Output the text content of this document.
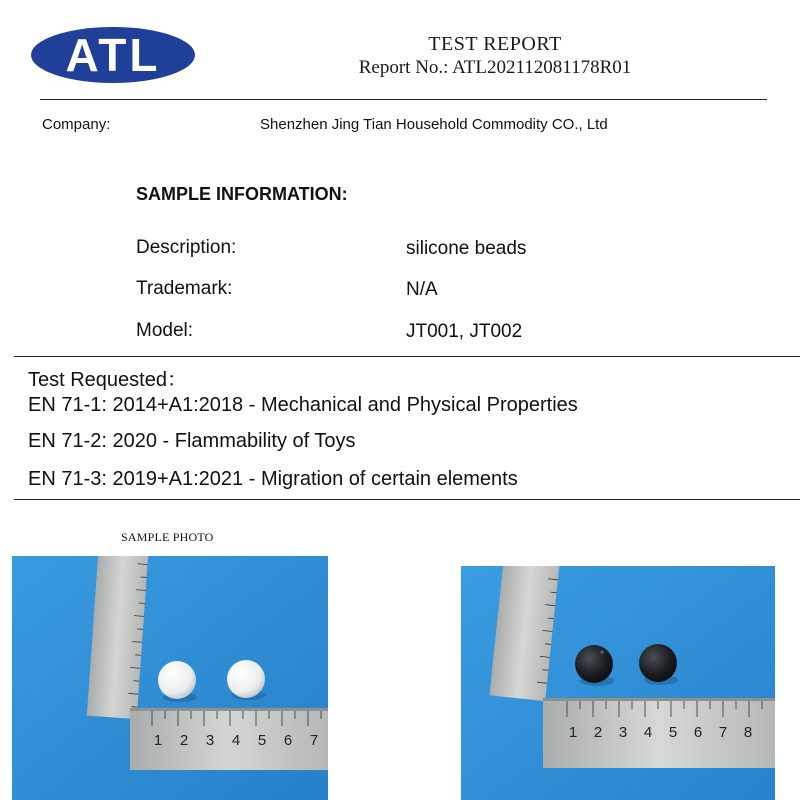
ATL	TEST REPORT
Report No.: ATL202112081178R01
Company:	Shenzhen Jing Tian Household Commodity CO., Ltd
SAMPLE INFORMATION:
Description:	silicone beads
Trademark:	N/A
Model:	JT001, JT002
Test Requested：
EN 71-1: 2014+A1:2018 - Mechanical and Physical Properties
EN 71-2: 2020 - Flammability of Toys
EN 71-3: 2019+A1:2021 - Migration of certain elements
SAMPLE PHOTO
1 2 3 4 5 6 7	1 2 3 4 5 6 7 8
